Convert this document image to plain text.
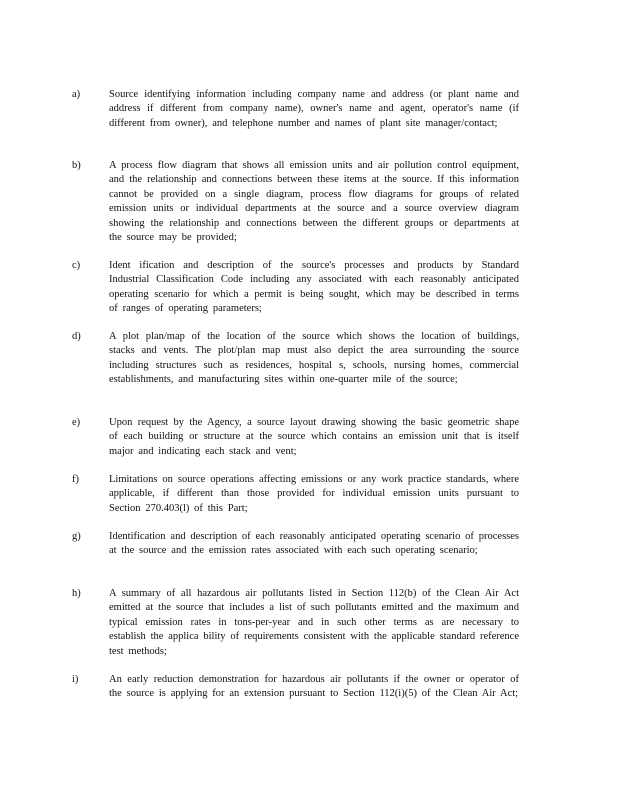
a)	Source identifying information including company name and address (or plant name and address if different from company name), owner's name and agent, operator's name (if different from owner), and telephone number and names of plant site manager/contact;
b)	A process flow diagram that shows all emission units and air pollution control equipment, and the relationship and connections between these items at the source. If this information cannot be provided on a single diagram, process flow diagrams for groups of related emission units or individual departments at the source and a source overview diagram showing the relationship and connections between the different groups or departments at the source may be provided;
c)	Ident ification and description of the source's processes and products by Standard Industrial Classification Code including any associated with each reasonably anticipated operating scenario for which a permit is being sought, which may be described in terms of ranges of operating parameters;
d)	A plot plan/map of the location of the source which shows the location of buildings, stacks and vents. The plot/plan map must also depict the area surrounding the source including structures such as residences, hospital s, schools, nursing homes, commercial establishments, and manufacturing sites within one-quarter mile of the source;
e)	Upon request by the Agency, a source layout drawing showing the basic geometric shape of each building or structure at the source which contains an emission unit that is itself major and indicating each stack and vent;
f)	Limitations on source operations affecting emissions or any work practice standards, where applicable, if different than those provided for individual emission units pursuant to Section 270.403(l) of this Part;
g)	Identification and description of each reasonably anticipated operating scenario of processes at the source and the emission rates associated with each such operating scenario;
h)	A summary of all hazardous air pollutants listed in Section 112(b) of the Clean Air Act emitted at the source that includes a list of such pollutants emitted and the maximum and typical emission rates in tons-per-year and in such other terms as are necessary to establish the applica bility of requirements consistent with the applicable standard reference test methods;
i)	An early reduction demonstration for hazardous air pollutants if the owner or operator of the source is applying for an extension pursuant to Section 112(i)(5) of the Clean Air Act;
